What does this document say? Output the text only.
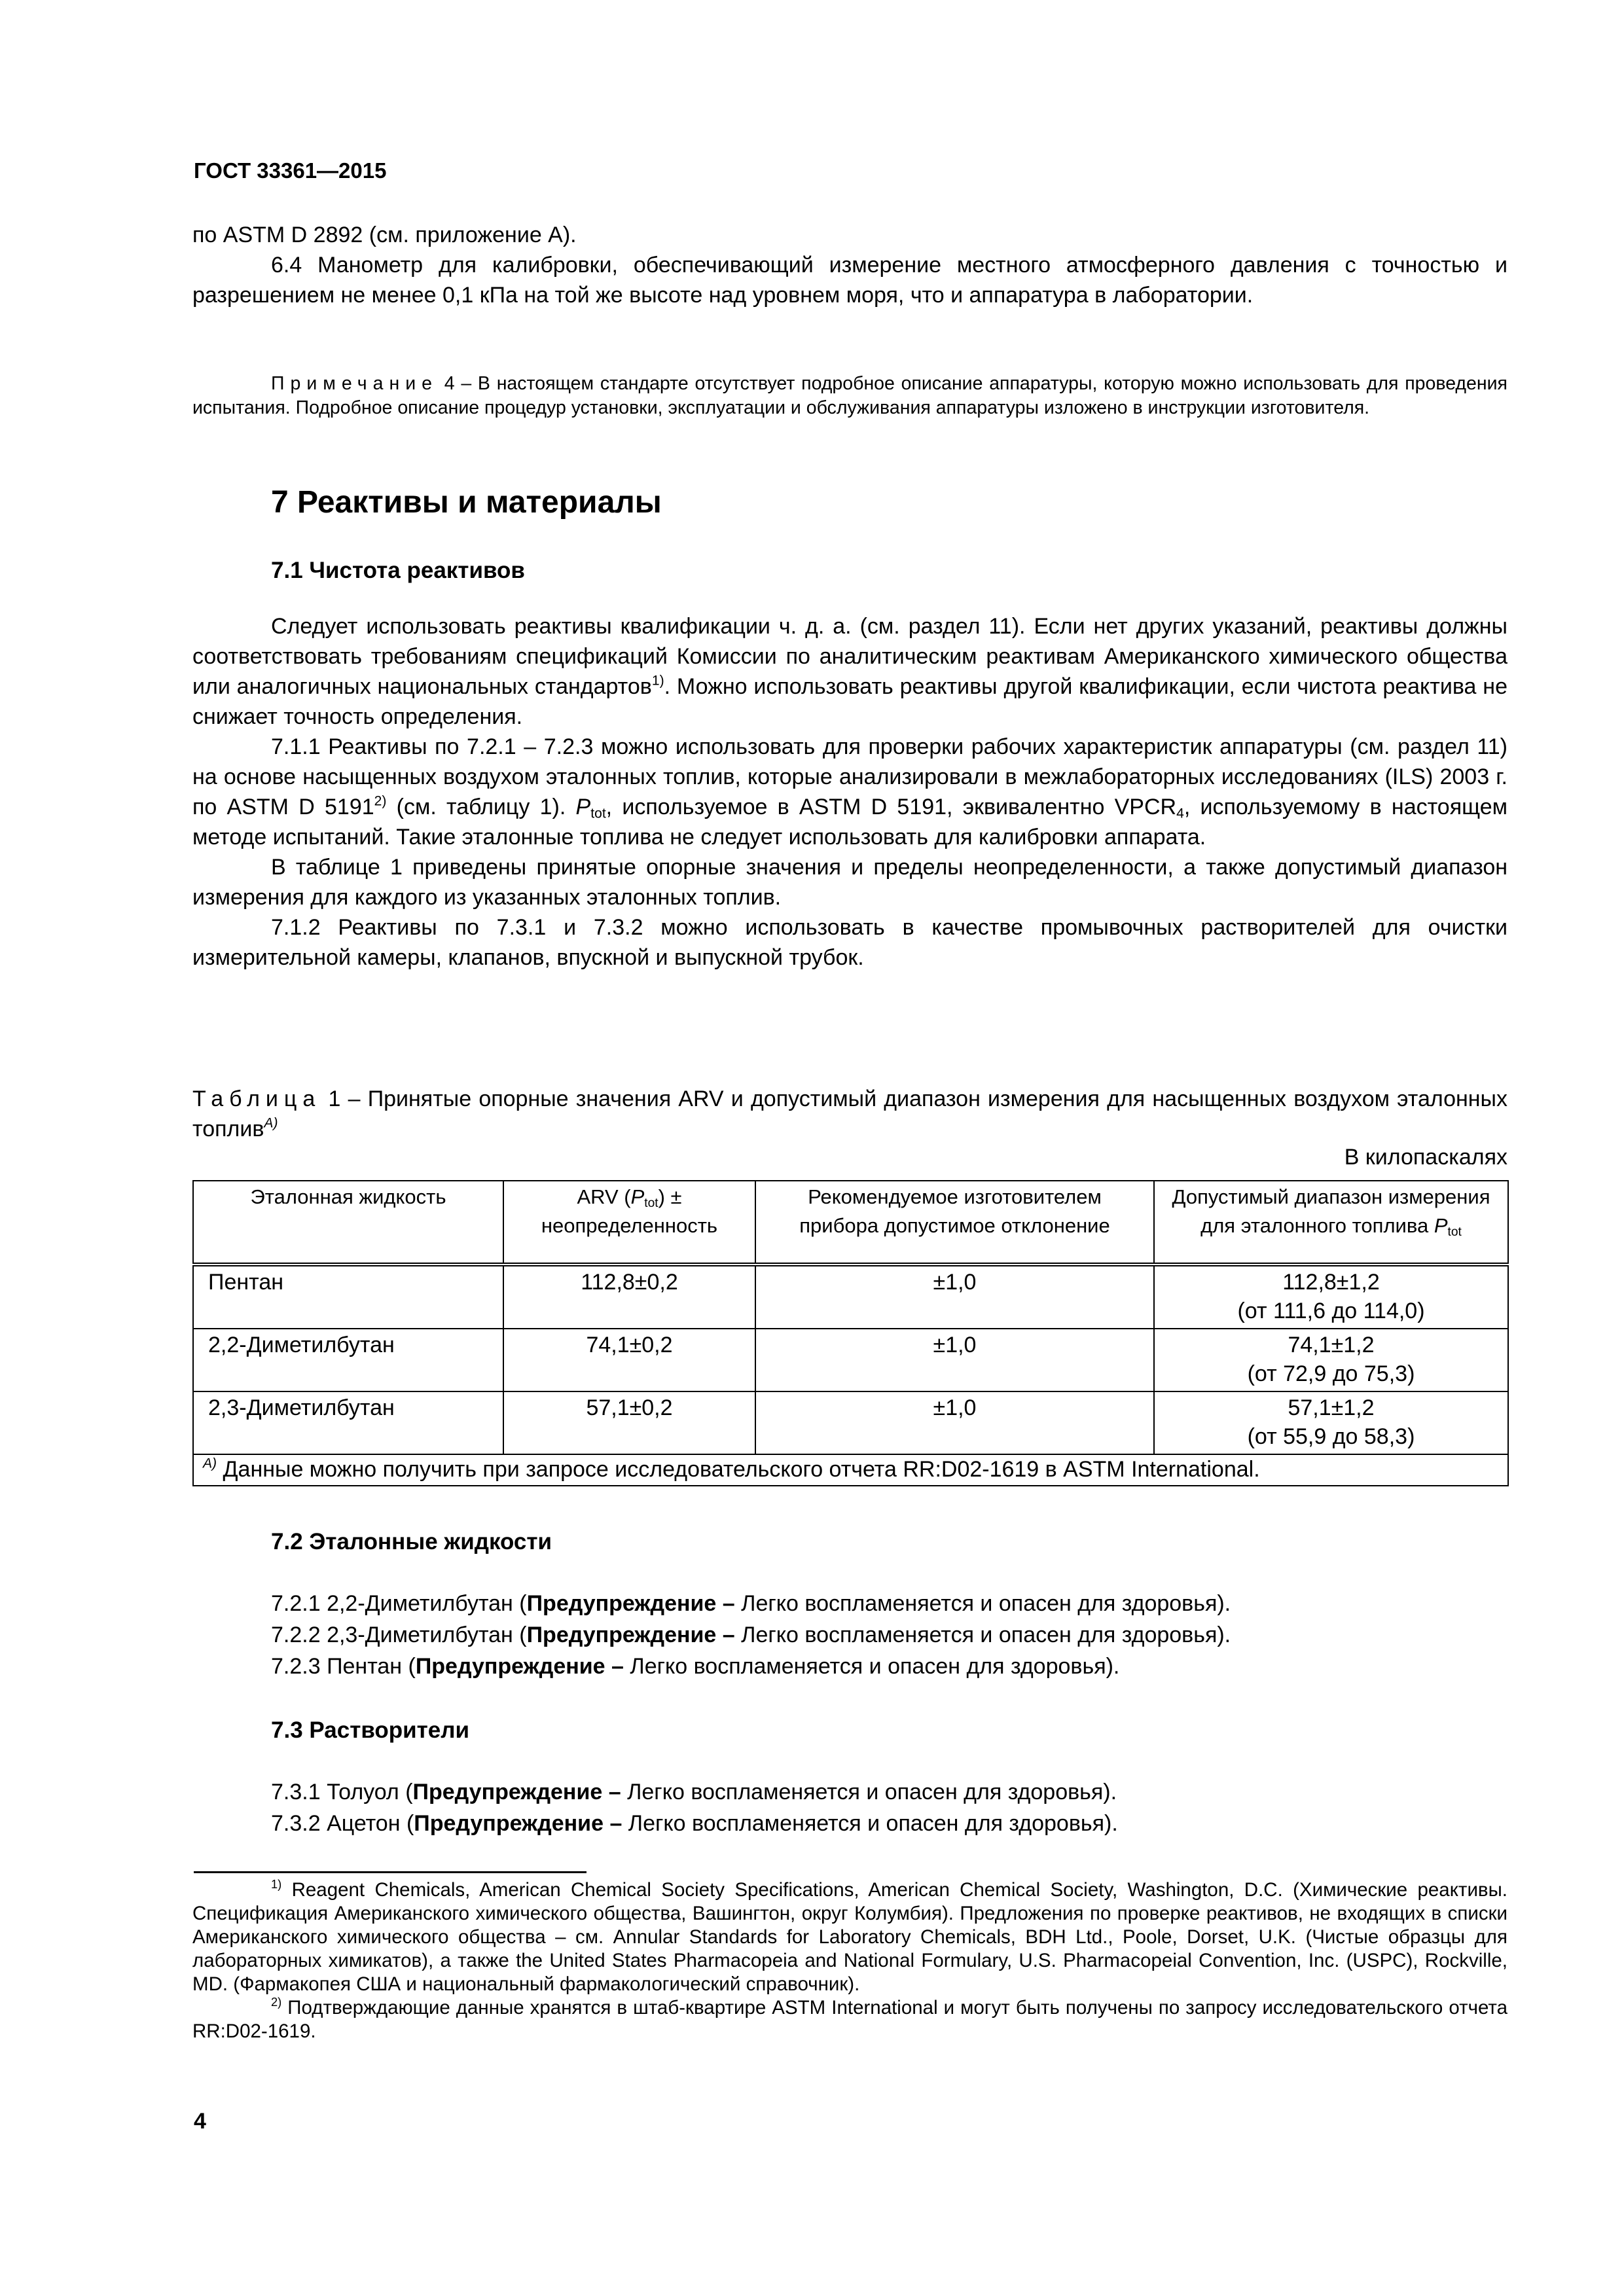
ГОСТ 33361—2015

по ASTM D 2892 (см. приложение А).

6.4 Манометр для калибровки, обеспечивающий измерение местного атмосферного давления с точностью и разрешением не менее 0,1 кПа на той же высоте над уровнем моря, что и аппаратура в лаборатории.

Примечание 4 – В настоящем стандарте отсутствует подробное описание аппаратуры, которую можно использовать для проведения испытания. Подробное описание процедур установки, эксплуатации и обслуживания аппаратуры изложено в инструкции изготовителя.

7 Реактивы и материалы
7.1 Чистота реактивов

Следует использовать реактивы квалификации ч. д. а. (см. раздел 11). Если нет других указаний, реактивы должны соответствовать требованиям спецификаций Комиссии по аналитическим реактивам Американского химического общества или аналогичных национальных стандартов$^{1)}$. Можно использовать реактивы другой квалификации, если чистота реактива не снижает точность определения.

7.1.1 Реактивы по 7.2.1 – 7.2.3 можно использовать для проверки рабочих характеристик аппаратуры (см. раздел 11) на основе насыщенных воздухом эталонных топлив, которые анализировали в межлабораторных исследованиях (ILS) 2003 г. по ASTM D 5191$^{2)}$ (см. таблицу 1). $P_{tot}$, используемое в ASTM D 5191, эквивалентно $VPCR_4$, используемому в настоящем методе испытаний. Такие эталонные топлива не следует использовать для калибровки аппарата.

В таблице 1 приведены принятые опорные значения и пределы неопределенности, а также допустимый диапазон измерения для каждого из указанных эталонных топлив.

7.1.2 Реактивы по 7.3.1 и 7.3.2 можно использовать в качестве промывочных растворителей для очистки измерительной камеры, клапанов, впускной и выпускной трубок.

Таблица 1 – Принятые опорные значения ARV и допустимый диапазон измерения для насыщенных воздухом эталонных топлив$^{A)}$

В килопаскалях
Эталонная жидкость	ARV $(P_{tot})$ ± неопределенность	Рекомендуемое изготовителем прибора допустимое отклонение	Допустимый диапазон измерения для эталонного топлива $P_{tot}$
Пентан	112,8±0,2	±1,0	112,8±1,2
(от 111,6 до 114,0)

2,2-Диметилбутан	74,1±0,2	±1,0	74,1±1,2
(от 72,9 до 75,3)

2,3-Диметилбутан	57,1±0,2	±1,0	57,1±1,2
(от 55,9 до 58,3)

$^{A)}$ Данные можно получить при запросе исследовательского отчета RR:D02-1619 в ASTM International.			
7.2 Эталонные жидкости

7.2.1 2,2-Диметилбутан (Предупреждение – Легко воспламеняется и опасен для здоровья).

7.2.2 2,3-Диметилбутан (Предупреждение – Легко воспламеняется и опасен для здоровья).

7.2.3 Пентан (Предупреждение – Легко воспламеняется и опасен для здоровья).

7.3 Растворители

7.3.1 Толуол (Предупреждение – Легко воспламеняется и опасен для здоровья).

7.3.2 Ацетон (Предупреждение – Легко воспламеняется и опасен для здоровья).

$^{1)}$ Reagent Chemicals, American Chemical Society Specifications, American Chemical Society, Washington, D.C. (Химические реактивы. Спецификация Американского химического общества, Вашингтон, округ Колумбия). Предложения по проверке реактивов, не входящих в списки Американского химического общества – см. Annular Standards for Laboratory Chemicals, BDH Ltd., Poole, Dorset, U.K. (Чистые образцы для лабораторных химикатов), а также the United States Pharmacopeia and National Formulary, U.S. Pharmacopeial Convention, Inc. (USPC), Rockville, MD. (Фармакопея США и национальный фармакологический справочник).

$^{2)}$ Подтверждающие данные хранятся в штаб-квартире ASTM International и могут быть получены по запросу исследовательского отчета RR:D02-1619.

4
